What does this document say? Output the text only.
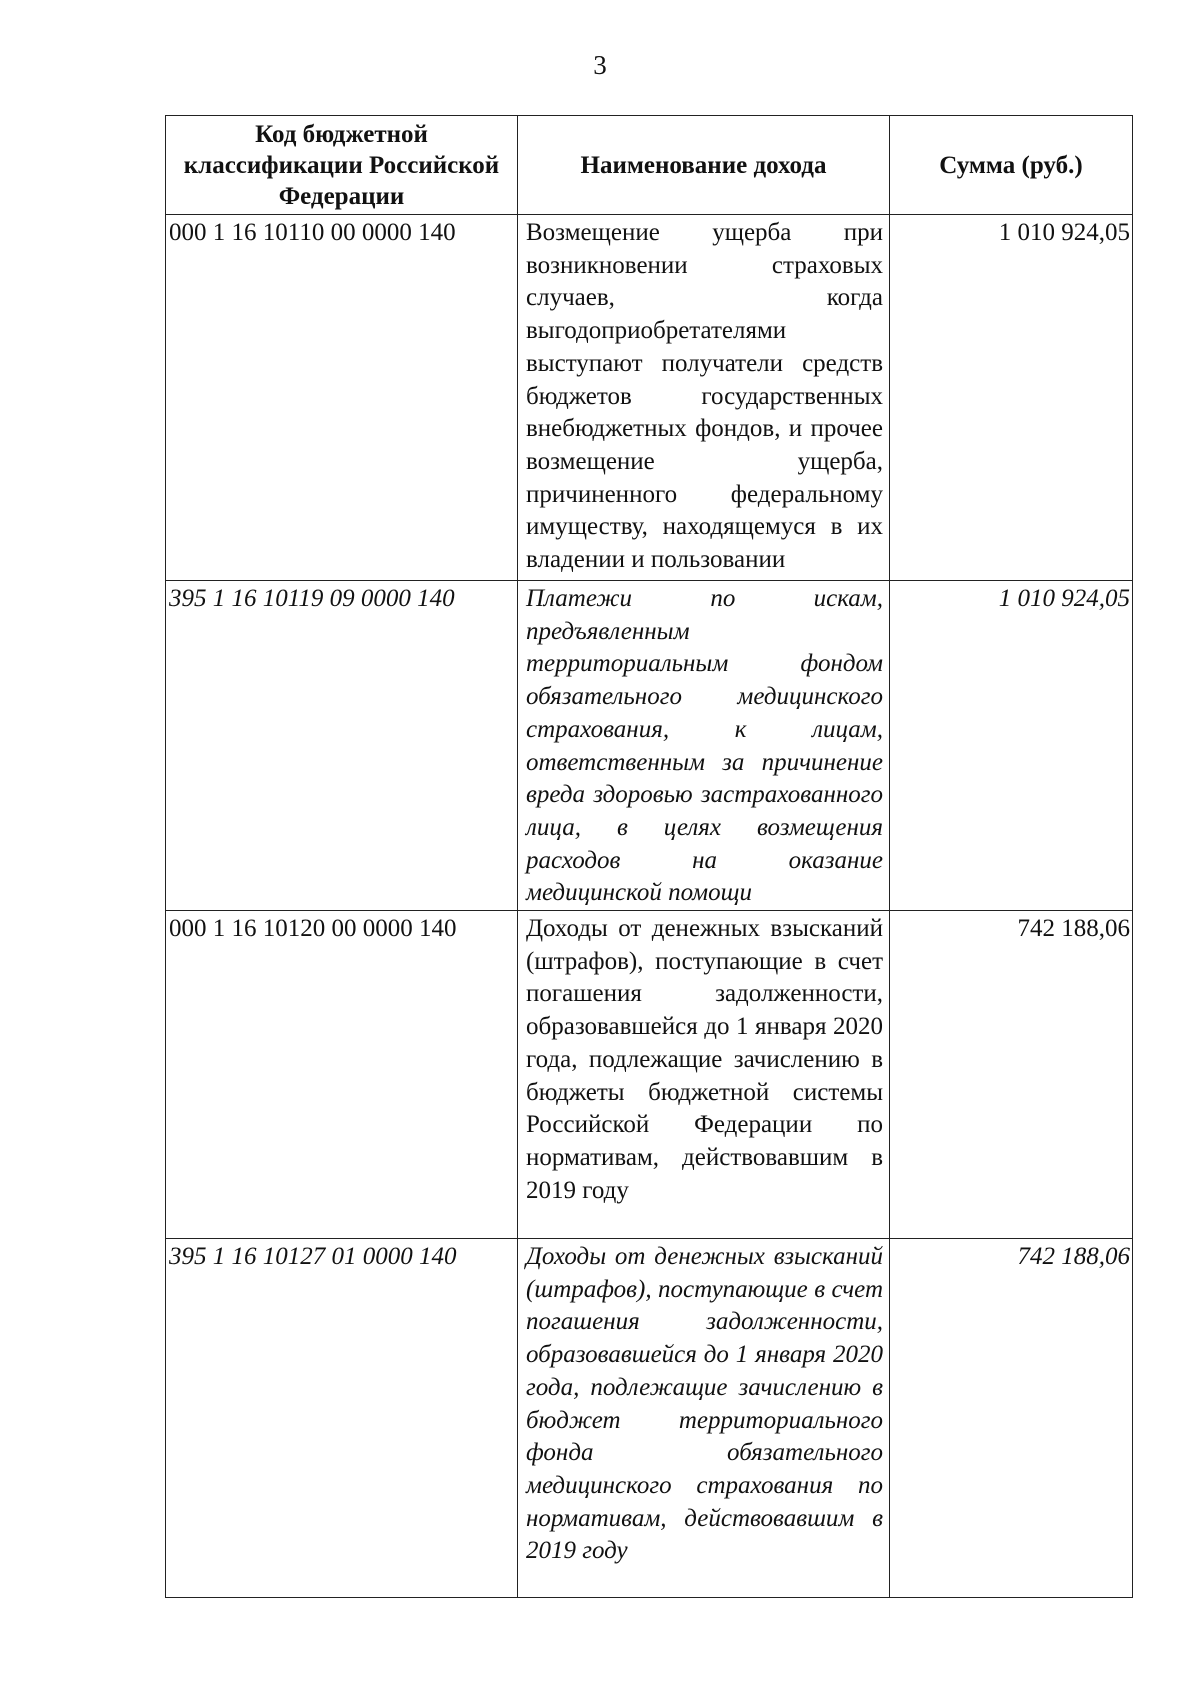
3
Код бюджетной классификации Российской Федерации	Наименование дохода	Сумма (руб.)
000 1 16 10110 00 0000 140	Возмещение ущерба при возникновении страховых случаев, когда выгодоприобретателями выступают получатели средств бюджетов государственных внебюджетных фондов, и прочее возмещение ущерба, причиненного федеральному имуществу, находящемуся в их владении и пользовании	1 010 924,05
395 1 16 10119 09 0000 140	Платежи по искам, предъявленным территориальным фондом обязательного медицинского страхования, к лицам, ответственным за причинение вреда здоровью застрахованного лица, в целях возмещения расходов на оказание медицинской помощи	1 010 924,05
000 1 16 10120 00 0000 140	Доходы от денежных взысканий (штрафов), поступающие в счет погашения задолженности, образовавшейся до 1 января 2020 года, подлежащие зачислению в бюджеты бюджетной системы Российской Федерации по нормативам, действовавшим в 2019 году	742 188,06
395 1 16 10127 01 0000 140	Доходы от денежных взысканий (штрафов), поступающие в счет погашения задолженности, образовавшейся до 1 января 2020 года, подлежащие зачислению в бюджет территориального фонда обязательного медицинского страхования по нормативам, действовавшим в 2019 году	742 188,06
